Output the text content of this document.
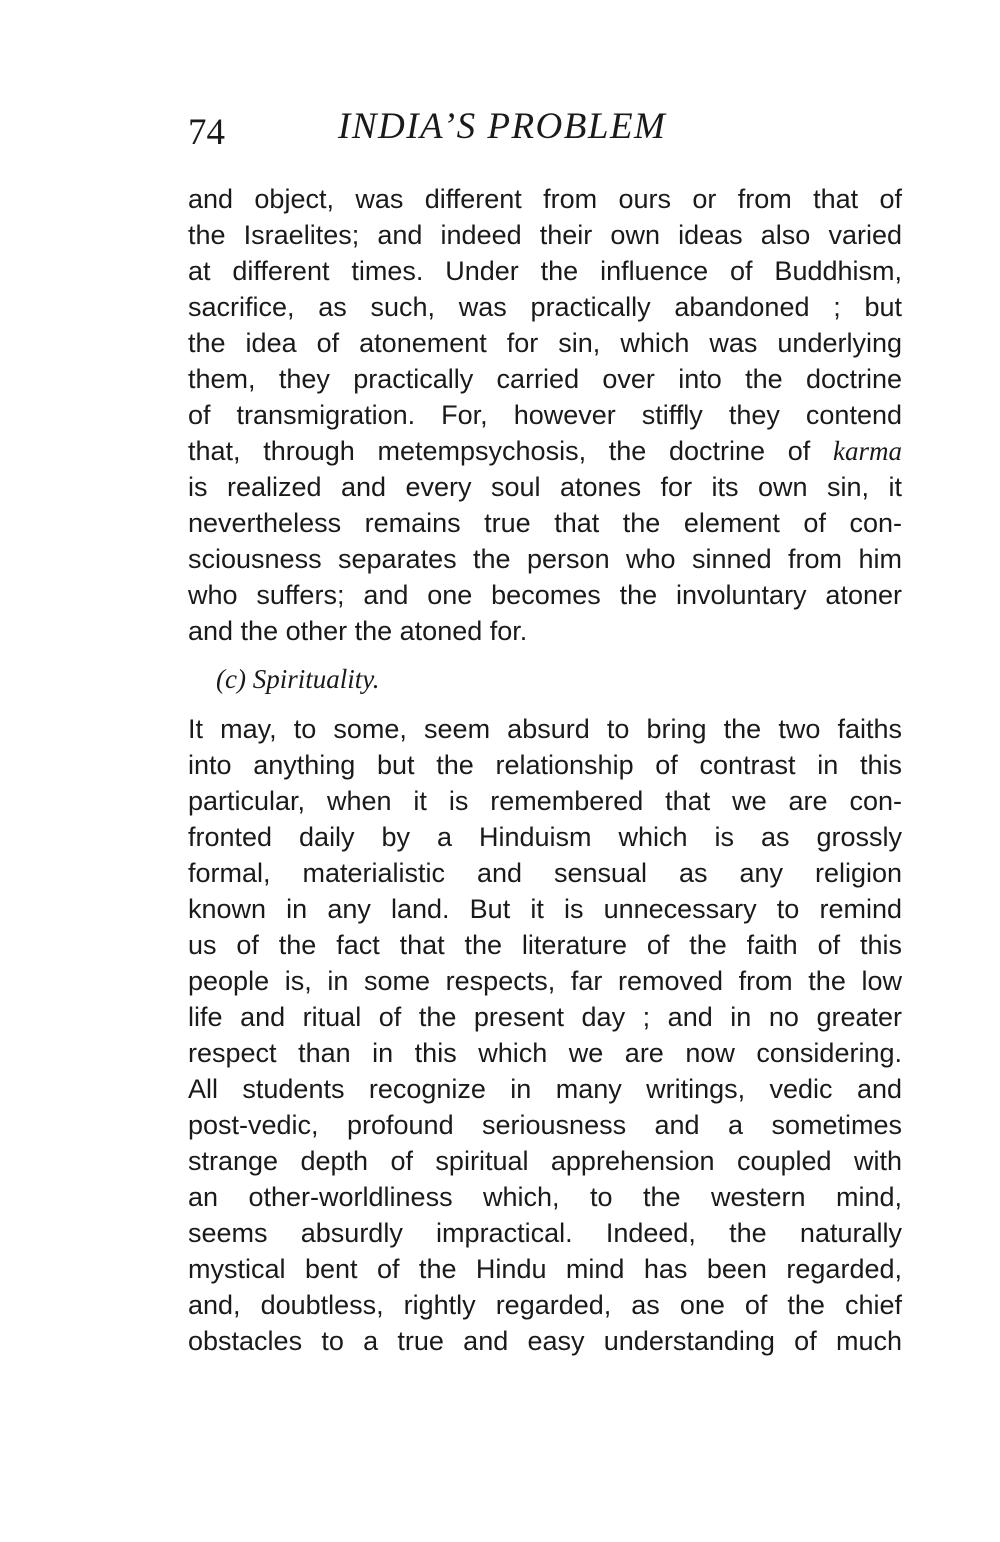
74	INDIA’S PROBLEM
and object, was different from ours or from that of
the Israelites; and indeed their own ideas also varied
at different times. Under the influence of Buddhism,
sacrifice, as such, was practically abandoned ; but
the idea of atonement for sin, which was underlying
them, they practically carried over into the doctrine
of transmigration. For, however stiffly they contend
that, through metempsychosis, the doctrine of karma
is realized and every soul atones for its own sin, it
nevertheless remains true that the element of con-
sciousness separates the person who sinned from him
who suffers; and one becomes the involuntary atoner
and the other the atoned for.
(c) Spirituality.
It may, to some, seem absurd to bring the two faiths
into anything but the relationship of contrast in this
particular, when it is remembered that we are con-
fronted daily by a Hinduism which is as grossly
formal, materialistic and sensual as any religion
known in any land. But it is unnecessary to remind
us of the fact that the literature of the faith of this
people is, in some respects, far removed from the low
life and ritual of the present day ; and in no greater
respect than in this which we are now considering.
All students recognize in many writings, vedic and
post-vedic, profound seriousness and a sometimes
strange depth of spiritual apprehension coupled with
an other-worldliness which, to the western mind,
seems absurdly impractical. Indeed, the naturally
mystical bent of the Hindu mind has been regarded,
and, doubtless, rightly regarded, as one of the chief
obstacles to a true and easy understanding of much
